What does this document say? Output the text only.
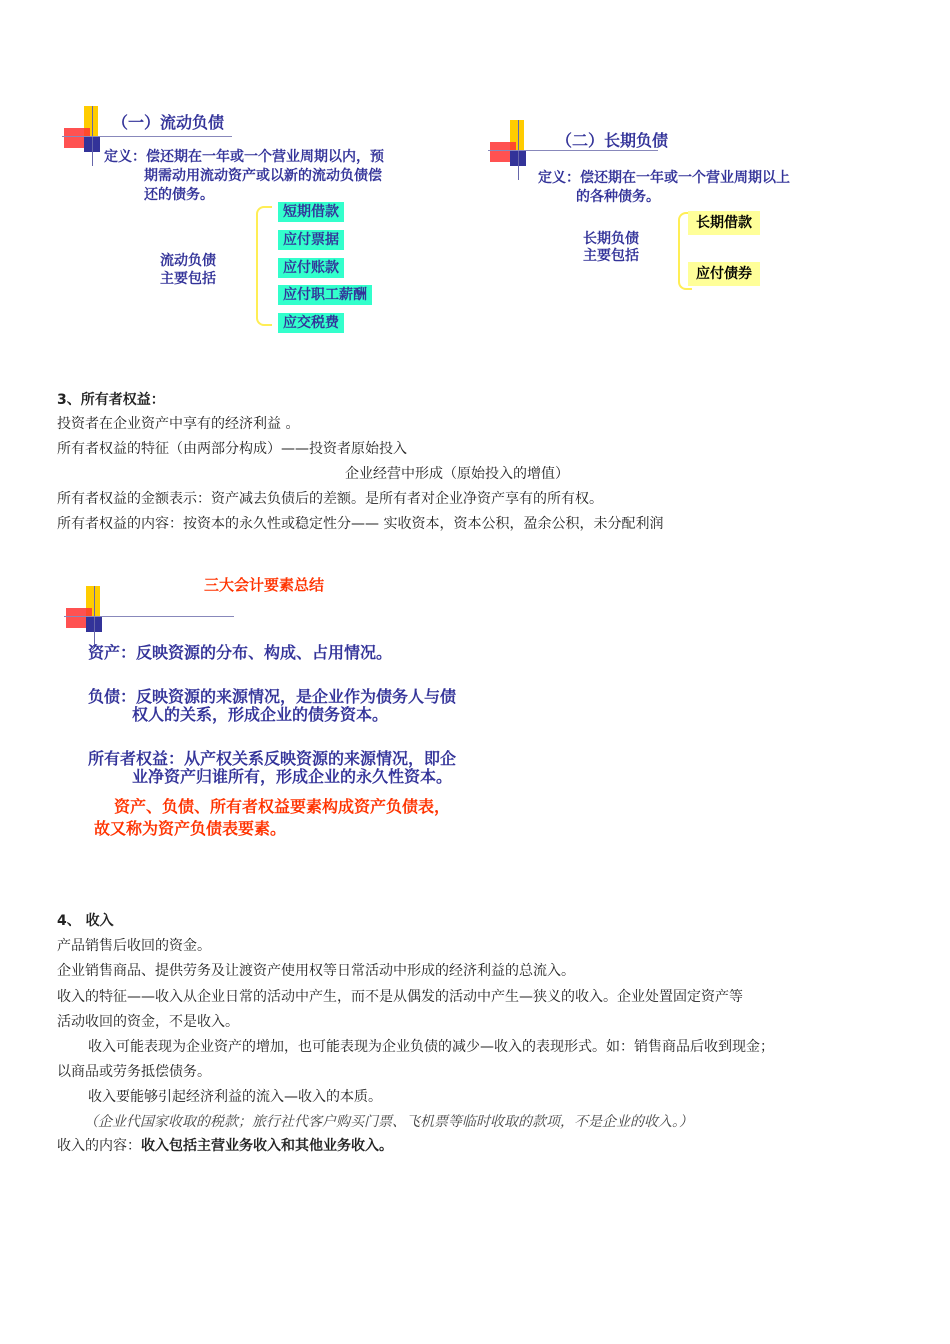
（一）流动负债
定义：偿还期在一年或一个营业周期以内，预
期需动用流动资产或以新的流动负债偿
还的债务。
流动负债
主要包括
短期借款
应付票据
应付账款
应付职工薪酬
应交税费
（二）长期负债
定义：偿还期在一年或一个营业周期以上
的各种债务。
长期负债
主要包括
长期借款
应付债券
3、所有者权益：
投资者在企业资产中享有的经济利益 。
所有者权益的特征（由两部分构成）——投资者原始投入
企业经营中形成（原始投入的增值）
所有者权益的金额表示：资产减去负债后的差额。是所有者对企业净资产享有的所有权。
所有者权益的内容：按资本的永久性或稳定性分—— 实收资本，资本公积，盈余公积，未分配利润
三大会计要素总结
资产：反映资源的分布、构成、占用情况。
负债：反映资源的来源情况，是企业作为债务人与债
权人的关系，形成企业的债务资本。
所有者权益：从产权关系反映资源的来源情况，即企
业净资产归谁所有，形成企业的永久性资本。
资产、负债、所有者权益要素构成资产负债表，
故又称为资产负债表要素。
4、 收入
产品销售后收回的资金。
企业销售商品、提供劳务及让渡资产使用权等日常活动中形成的经济利益的总流入。
收入的特征——收入从企业日常的活动中产生，而不是从偶发的活动中产生—狭义的收入。企业处置固定资产等
活动收回的资金，不是收入。
收入可能表现为企业资产的增加，也可能表现为企业负债的减少—收入的表现形式。如：销售商品后收到现金；
以商品或劳务抵偿债务。
收入要能够引起经济利益的流入—收入的本质。
（企业代国家收取的税款；旅行社代客户购买门票、飞机票等临时收取的款项，不是企业的收入。）
收入的内容：收入包括主营业务收入和其他业务收入。
